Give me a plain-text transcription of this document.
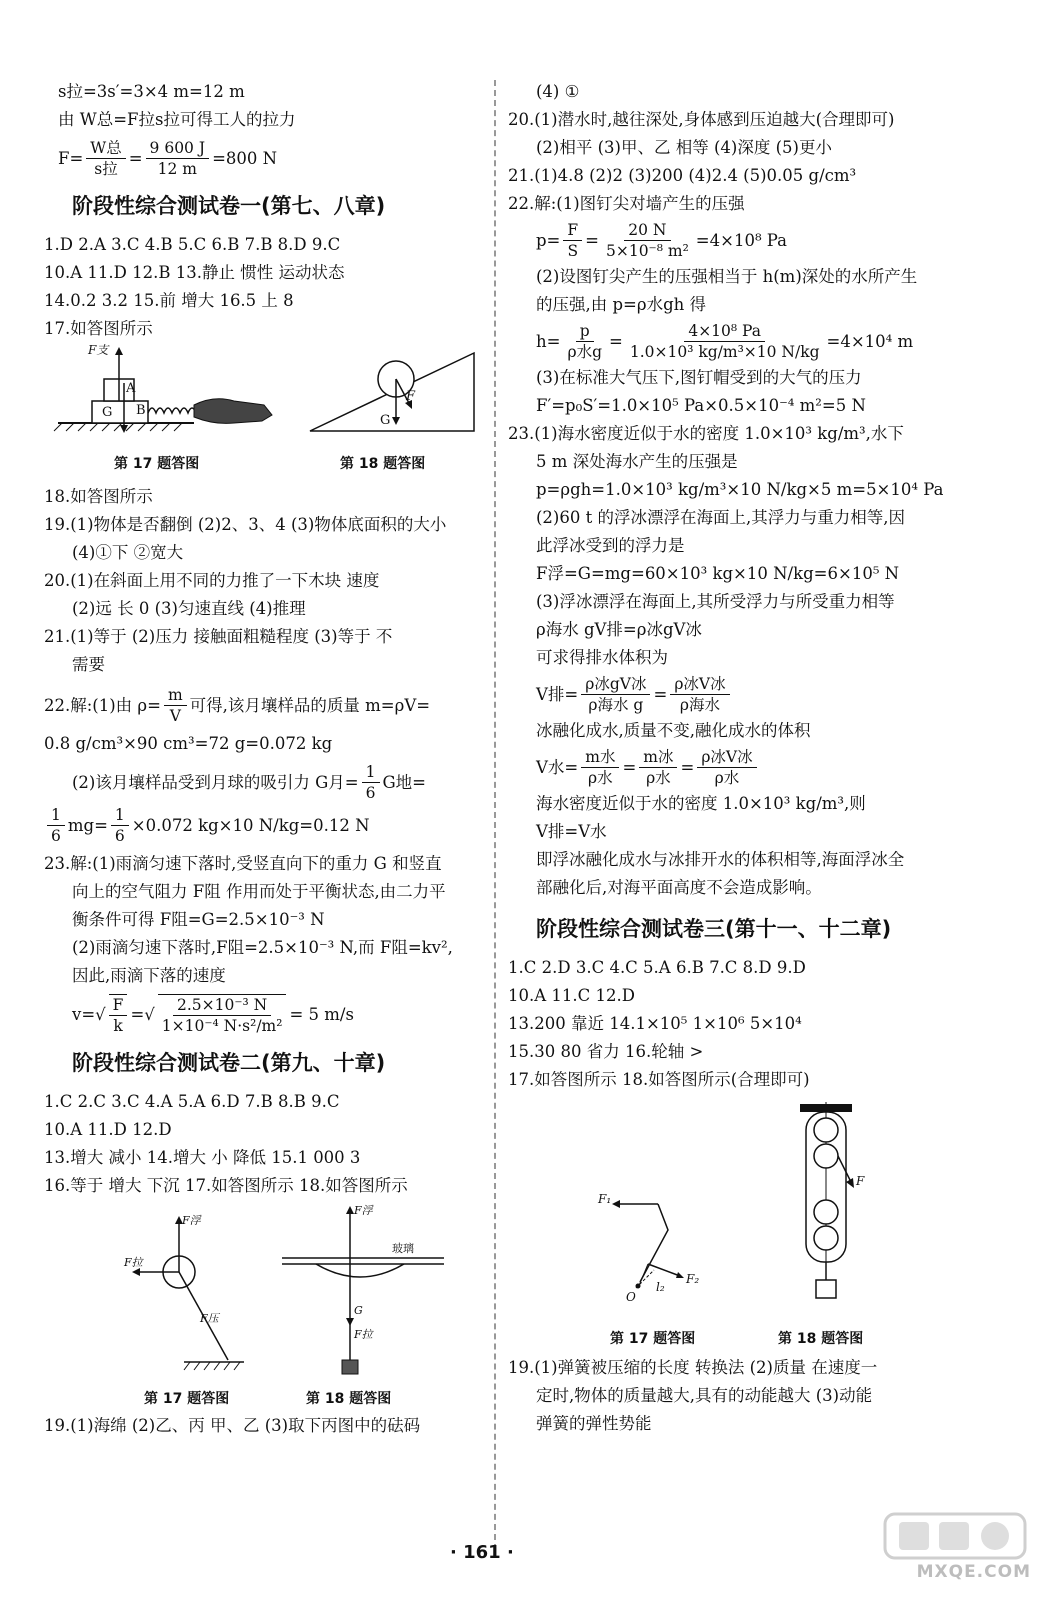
s拉=3s′=3×4 m=12 m
由 W总=F拉s拉可得工人的拉力
$F= \frac{\text{W总}}{\text{s拉}} = \frac{9 600 J}{12 m} =800$ N
阶段性综合测试卷一(第七、八章)
1.D 2.A 3.C 4.B 5.C 6.B 7.B 8.D 9.C
10.A 11.D 12.B 13.静止 惯性 运动状态
14.0.2 3.2 15.前 增大 16.5 上 8
17.如答图所示
F支
A
B
G
G
F
第 17 题答图	第 18 题答图
18.如答图所示
19.(1)物体是否翻倒 (2)2、3、4 (3)物体底面积的大小
(4)①下 ②宽大
20.(1)在斜面上用不同的力推了一下木块 速度
(2)远 长 0 (3)匀速直线 (4)推理
21.(1)等于 (2)压力 接触面粗糙程度 (3)等于 不
需要
22.解:(1)由 $\rho= \frac{m}{V}$ 可得,该月壤样品的质量 m=ρV=
0.8 g/cm³×90 cm³=72 g=0.072 kg
(2)该月壤样品受到月球的吸引力 G月= $\frac{1}{6}$ G地=
$\frac{1}{6} mg= \frac{1}{6} \times 0.072$ kg×10 N/kg=0.12 N
23.解:(1)雨滴匀速下落时,受竖直向下的重力 G 和竖直
向上的空气阻力 F阻 作用而处于平衡状态,由二力平
衡条件可得 F阻=G=2.5×10⁻³ N
(2)雨滴匀速下落时,F阻=2.5×10⁻³ N,而 F阻=kv²,
因此,雨滴下落的速度
$v=√ \frac{F}{k}$ =√ $\frac{\text{2.5×10⁻³ N}}{\text{1×10⁻⁴ N·s²/m²}} = 5$ m/s
阶段性综合测试卷二(第九、十章)
1.C 2.C 3.C 4.A 5.A 6.D 7.B 8.B 9.C
10.A 11.D 12.D
13.增大 减小 14.增大 小 降低 15.1 000 3
16.等于 增大 下沉 17.如答图所示 18.如答图所示
F浮
F拉
F压
F浮
玻璃
G
F拉
第 17 题答图	第 18 题答图
19.(1)海绵 (2)乙、丙 甲、乙 (3)取下丙图中的砝码
(4) ①
20.(1)潜水时,越往深处,身体感到压迫越大(合理即可)
(2)相平 (3)甲、乙 相等 (4)深度 (5)更小
21.(1)4.8 (2)2 (3)200 (4)2.4 (5)0.05 g/cm³
22.解:(1)图钉尖对墙产生的压强
$p= \frac{F}{S} = \frac{20 N}{\text{5×10⁻⁸ m²}} =4\times 10^8$ Pa
(2)设图钉尖产生的压强相当于 h(m)深处的水所产生
的压强,由 p=ρ水gh 得
$h= \frac{p}{\text{ρ水g}} = \frac{\text{4×10⁸ Pa}}{\text{1.0×10³ kg/m³×10 N/kg}} =4\times 10^4$ m
(3)在标准大气压下,图钉帽受到的大气的压力
F′=p₀S′=1.0×10⁵ Pa×0.5×10⁻⁴ m²=5 N
23.(1)海水密度近似于水的密度 1.0×10³ kg/m³,水下
5 m 深处海水产生的压强是
p=ρgh=1.0×10³ kg/m³×10 N/kg×5 m=5×10⁴ Pa
(2)60 t 的浮冰漂浮在海面上,其浮力与重力相等,因
此浮冰受到的浮力是
F浮=G=mg=60×10³ kg×10 N/kg=6×10⁵ N
(3)浮冰漂浮在海面上,其所受浮力与所受重力相等
ρ海水 gV排=ρ冰gV冰
可求得排水体积为
V排= $\frac{\text{ρ冰gV冰}}{\text{ρ海水 g}} = \frac{\text{ρ冰V冰}}{\text{ρ海水}}$
冰融化成水,质量不变,融化成水的体积
V水= $\frac{\text{m水}}{\text{ρ水}} = \frac{\text{m冰}}{\text{ρ水}} = \frac{\text{ρ冰V冰}}{\text{ρ水}}$
海水密度近似于水的密度 1.0×10³ kg/m³,则
V排=V水
即浮冰融化成水与冰排开水的体积相等,海面浮冰全
部融化后,对海平面高度不会造成影响。
阶段性综合测试卷三(第十一、十二章)
1.C 2.D 3.C 4.C 5.A 6.B 7.C 8.D 9.D
10.A 11.C 12.D
13.200 靠近 14.1×10⁵ 1×10⁶ 5×10⁴
15.30 80 省力 16.轮轴 >
17.如答图所示 18.如答图所示(合理即可)
F₁
F₂
l₂
O
F
第 17 题答图	第 18 题答图
19.(1)弹簧被压缩的长度 转换法 (2)质量 在速度一
定时,物体的质量越大,具有的动能越大 (3)动能
弹簧的弹性势能
· 161 ·
MXQE.COM
